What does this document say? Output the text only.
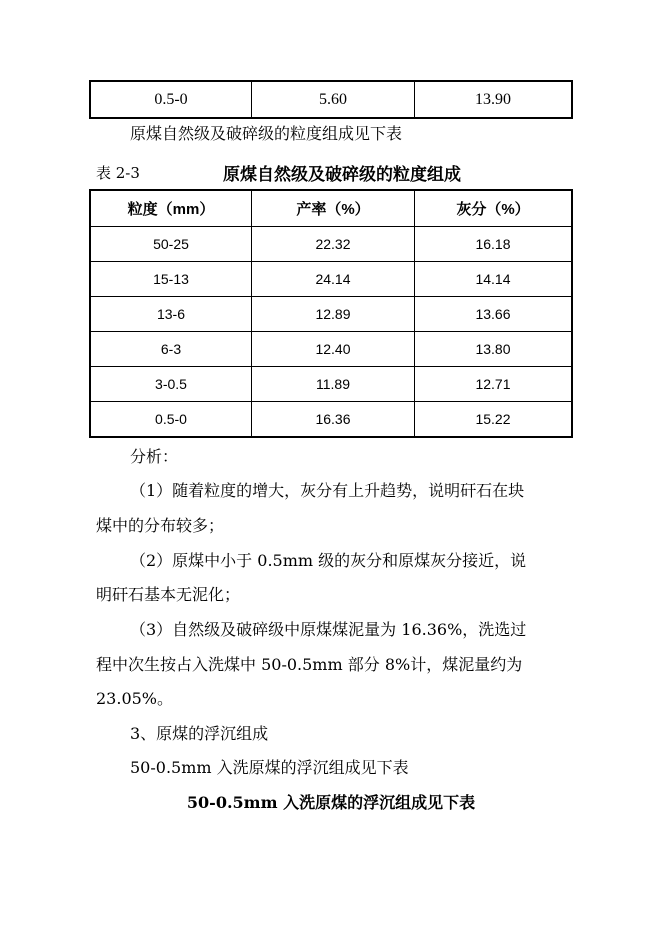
0.5-0	5.60	13.90
原煤自然级及破碎级的粒度组成见下表
表 2-3	原煤自然级及破碎级的粒度组成
粒度（mm）	产率（%）	灰分（%）
50-25	22.32	16.18
15-13	24.14	14.14
13-6	12.89	13.66
6-3	12.40	13.80
3-0.5	11.89	12.71
0.5-0	16.36	15.22
分析：
（1）随着粒度的增大，灰分有上升趋势，说明矸石在块
煤中的分布较多；
（2）原煤中小于 0.5mm 级的灰分和原煤灰分接近，说
明矸石基本无泥化；
（3）自然级及破碎级中原煤煤泥量为 16.36%，洗选过
程中次生按占入洗煤中 50-0.5mm 部分 8%计，煤泥量约为
23.05%。
3、原煤的浮沉组成
50-0.5mm 入洗原煤的浮沉组成见下表
50-0.5mm 入洗原煤的浮沉组成见下表
